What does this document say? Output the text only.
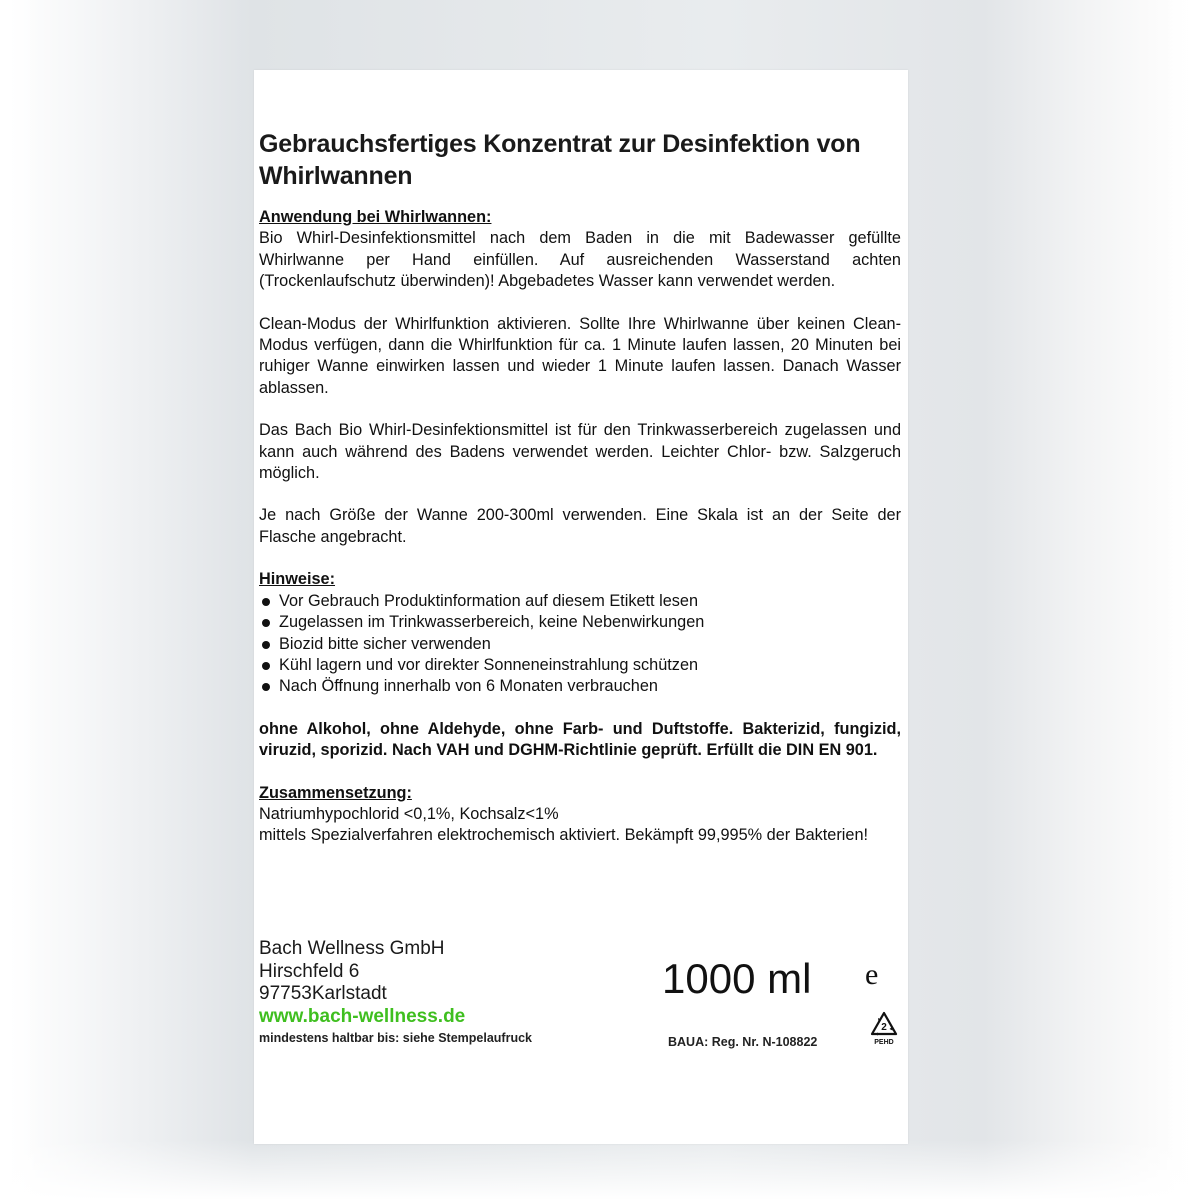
Gebrauchsfertiges Konzentrat zur Desinfektion von Whirlwannen
Anwendung bei Whirlwannen:

Bio Whirl-Desinfektionsmittel nach dem Baden in die mit Badewasser gefüllte Whirlwanne per Hand einfüllen. Auf ausreichenden Wasserstand achten (Trockenlaufschutz überwinden)! Abgebadetes Wasser kann verwendet werden.

Clean-Modus der Whirlfunktion aktivieren. Sollte Ihre Whirlwanne über keinen Clean-Modus verfügen, dann die Whirlfunktion für ca. 1 Minute laufen lassen, 20 Minuten bei ruhiger Wanne einwirken lassen und wieder 1 Minute laufen lassen. Danach Wasser ablassen.

Das Bach Bio Whirl-Desinfektionsmittel ist für den Trinkwasserbereich zugelassen und kann auch während des Badens verwendet werden. Leichter Chlor- bzw. Salzgeruch möglich.

Je nach Größe der Wanne 200-300ml verwenden. Eine Skala ist an der Seite der Flasche angebracht.

Hinweise:
Vor Gebrauch Produktinformation auf diesem Etikett lesen
Zugelassen im Trinkwasserbereich, keine Nebenwirkungen
Biozid bitte sicher verwenden
Kühl lagern und vor direkter Sonneneinstrahlung schützen
Nach Öffnung innerhalb von 6 Monaten verbrauchen

ohne Alkohol, ohne Aldehyde, ohne Farb- und Duftstoffe. Bakterizid, fungizid, viruzid, sporizid. Nach VAH und DGHM-Richtlinie geprüft. Erfüllt die DIN EN 901.

Zusammensetzung:

Natriumhypochlorid <0,1%, Kochsalz<1%

mittels Spezialverfahren elektrochemisch aktiviert. Bekämpft 99,995% der Bakterien!

Bach Wellness GmbH
Hirschfeld 6
97753Karlstadt
www.bach-wellness.de
mindestens haltbar bis: siehe Stempelaufruck
1000 ml e
BAUA: Reg. Nr. N-108822
2
PEHD
